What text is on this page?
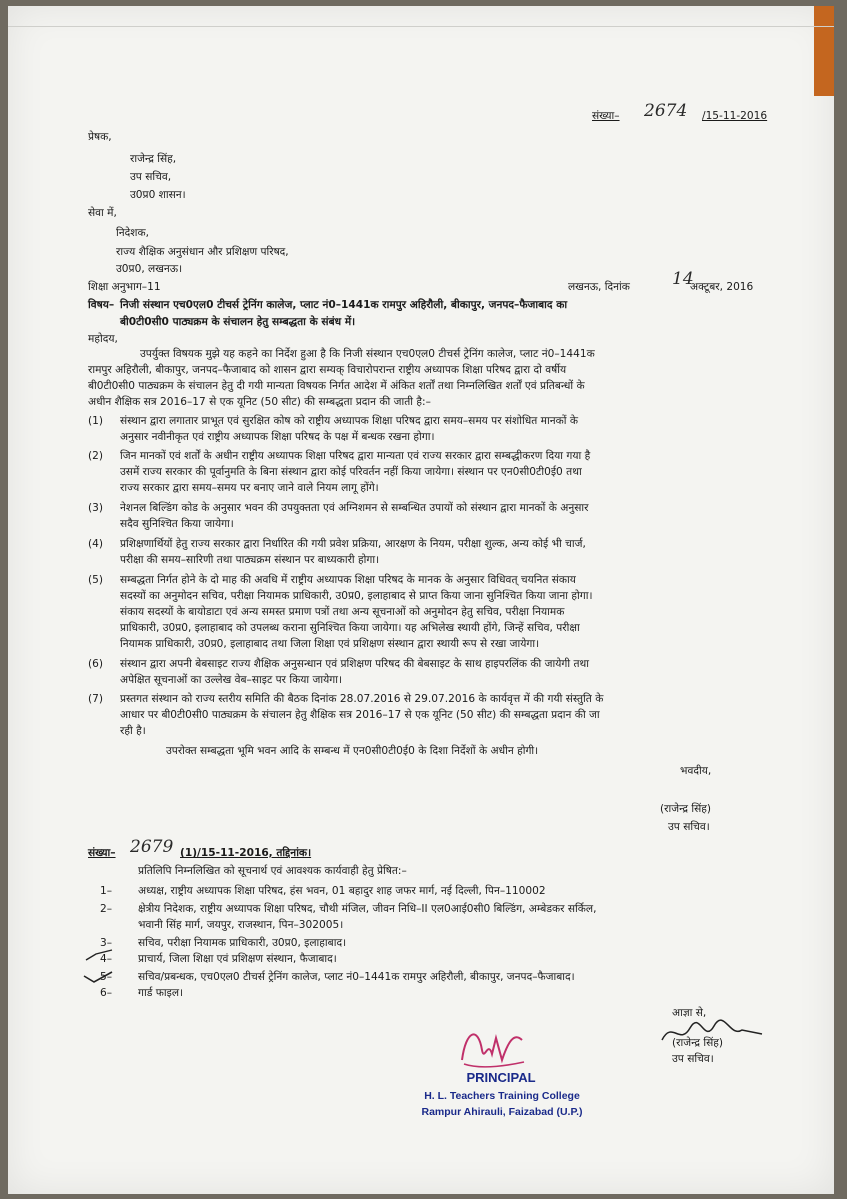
संख्या– 2674 /15-11-2016
प्रेषक,
राजेन्द्र सिंह,
उप सचिव,
उ0प्र0 शासन।
सेवा में,
निदेशक,
राज्य शैक्षिक अनुसंधान और प्रशिक्षण परिषद,
उ0प्र0, लखनऊ।
शिक्षा अनुभाग–11	लखनऊ, दिनांक 14
अक्टूबर, 2016
विषय– निजी संस्थान एच0एल0 टीचर्स ट्रेनिंग कालेज, प्लाट नं0–1441क रामपुर अहिरौली, बीकापुर, जनपद–फैजाबाद का
बी0टी0सी0 पाठ्यक्रम के संचालन हेतु सम्बद्धता के संबंध में।
महोदय,
उपर्युक्त विषयक मुझे यह कहने का निर्देश हुआ है कि निजी संस्थान एच0एल0 टीचर्स ट्रेनिंग कालेज, प्लाट नं0–1441क
रामपुर अहिरौली, बीकापुर, जनपद–फैजाबाद को शासन द्वारा सम्यक् विचारोपरान्त राष्ट्रीय अध्यापक शिक्षा परिषद द्वारा दो वर्षीय
बी0टी0सी0 पाठ्यक्रम के संचालन हेतु दी गयी मान्यता विषयक निर्गत आदेश में अंकित शर्तों तथा निम्नलिखित शर्तों एवं प्रतिबन्धों के
अधीन शैक्षिक सत्र 2016–17 से एक यूनिट (50 सीट) की सम्बद्धता प्रदान की जाती है:–
(1) संस्थान द्वारा लगातार प्राभूत एवं सुरक्षित कोष को राष्ट्रीय अध्यापक शिक्षा परिषद द्वारा समय–समय पर संशोधित मानकों के
अनुसार नवीनीकृत एवं राष्ट्रीय अध्यापक शिक्षा परिषद के पक्ष में बन्धक रखना होगा।
(2) जिन मानकों एवं शर्तों के अधीन राष्ट्रीय अध्यापक शिक्षा परिषद द्वारा मान्यता एवं राज्य सरकार द्वारा सम्बद्धीकरण दिया गया है
उसमें राज्य सरकार की पूर्वानुमति के बिना संस्थान द्वारा कोई परिवर्तन नहीं किया जायेगा। संस्थान पर एन0सी0टी0ई0 तथा
राज्य सरकार द्वारा समय–समय पर बनाए जाने वाले नियम लागू होंगे।
(3) नेशनल बिल्डिंग कोड के अनुसार भवन की उपयुक्तता एवं अग्निशमन से सम्बन्धित उपायों को संस्थान द्वारा मानकों के अनुसार
सदैव सुनिश्चित किया जायेगा।
(4) प्रशिक्षणार्थियों हेतु राज्य सरकार द्वारा निर्धारित की गयी प्रवेश प्रक्रिया, आरक्षण के नियम, परीक्षा शुल्क, अन्य कोई भी चार्ज,
परीक्षा की समय–सारिणी तथा पाठ्यक्रम संस्थान पर बाध्यकारी होगा।
(5) सम्बद्धता निर्गत होने के दो माह की अवधि में राष्ट्रीय अध्यापक शिक्षा परिषद के मानक के अनुसार विधिवत् चयनित संकाय
सदस्यों का अनुमोदन सचिव, परीक्षा नियामक प्राधिकारी, उ0प्र0, इलाहाबाद से प्राप्त किया जाना सुनिश्चित किया जाना होगा।
संकाय सदस्यों के बायोडाटा एवं अन्य समस्त प्रमाण पत्रों तथा अन्य सूचनाओं को अनुमोदन हेतु सचिव, परीक्षा नियामक
प्राधिकारी, उ0प्र0, इलाहाबाद को उपलब्ध कराना सुनिश्चित किया जायेगा। यह अभिलेख स्थायी होंगे, जिन्हें सचिव, परीक्षा
नियामक प्राधिकारी, उ0प्र0, इलाहाबाद तथा जिला शिक्षा एवं प्रशिक्षण संस्थान द्वारा स्थायी रूप से रखा जायेगा।
(6) संस्थान द्वारा अपनी बेबसाइट राज्य शैक्षिक अनुसन्धान एवं प्रशिक्षण परिषद की बेबसाइट के साथ हाइपरलिंक की जायेगी तथा
अपेक्षित सूचनाओं का उल्लेख वेब–साइट पर किया जायेगा।
(7) प्रस्तगत संस्थान को राज्य स्तरीय समिति की बैठक दिनांक 28.07.2016 से 29.07.2016 के कार्यवृत्त में की गयी संस्तुति के
आधार पर बी0टी0सी0 पाठ्यक्रम के संचालन हेतु शैक्षिक सत्र 2016–17 से एक यूनिट (50 सीट) की सम्बद्धता प्रदान की जा
रही है।
उपरोक्त सम्बद्धता भूमि भवन आदि के सम्बन्ध में एन0सी0टी0ई0 के दिशा निर्देशों के अधीन होगी।
भवदीय,
(राजेन्द्र सिंह)
उप सचिव।
संख्या– 2679 (1)/15-11-2016, तद्दिनांक।
प्रतिलिपि निम्नलिखित को सूचनार्थ एवं आवश्यक कार्यवाही हेतु प्रेषित:–
1– अध्यक्ष, राष्ट्रीय अध्यापक शिक्षा परिषद, हंस भवन, 01 बहादुर शाह जफर मार्ग, नई दिल्ली, पिन–110002
2– क्षेत्रीय निदेशक, राष्ट्रीय अध्यापक शिक्षा परिषद, चौथी मंजिल, जीवन निधि–II एल0आई0सी0 बिल्डिंग, अम्बेडकर सर्किल,
भवानी सिंह मार्ग, जयपुर, राजस्थान, पिन–302005।
3– सचिव, परीक्षा नियामक प्राधिकारी, उ0प्र0, इलाहाबाद।
4– प्राचार्य, जिला शिक्षा एवं प्रशिक्षण संस्थान, फैजाबाद।
5– सचिव/प्रबन्धक, एच0एल0 टीचर्स ट्रेनिंग कालेज, प्लाट नं0–1441क रामपुर अहिरौली, बीकापुर, जनपद–फैजाबाद।
6– गार्ड फाइल।
आज्ञा से,
(राजेन्द्र सिंह)
उप सचिव।
PRINCIPAL
H. L. Teachers Training College
Rampur Ahirauli, Faizabad (U.P.)
